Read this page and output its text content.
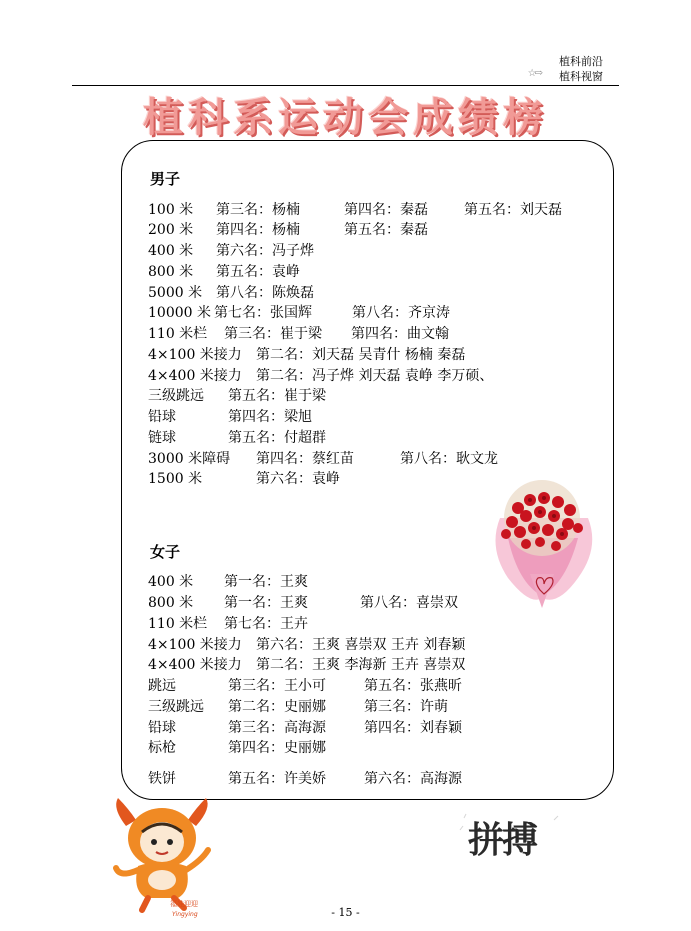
植科前沿
☆⇨ 植科视窗
植科系运动会成绩榜
男子
100 米 第三名：杨楠	第四名：秦磊	第五名：刘天磊
200 米 第四名：杨楠	第五名：秦磊
400 米 第六名：冯子烨
800 米 第五名：袁峥
5000 米 第八名：陈焕磊
10000 米 第七名：张国辉	第八名：齐京涛
110 米栏 第三名：崔于梁 第四名：曲文翰
4×100 米接力 第二名：刘天磊 吴青什 杨楠 秦磊
4×400 米接力 第二名：冯子烨 刘天磊 袁峥 李万硕、
三级跳远 第五名：崔于梁
铅球	第四名：梁旭
链球	第五名：付超群
3000 米障碍 第四名：蔡红苗	第八名：耿文龙
1500 米	第六名：袁峥
女子
400 米 第一名：王爽
800 米 第一名：王爽	第八名：喜崇双
110 米栏 第七名：王卉
4×100 米接力 第六名：王爽 喜崇双 王卉 刘春颖
4×400 米接力 第二名：王爽 李海新 王卉 喜崇双
跳远	第三名：王小可	第五名：张燕昕
三级跳远 第二名：史丽娜	第三名：许萌
铅球	第三名：高海源	第四名：刘春颖
标枪	第四名：史丽娜
铁饼	第五名：许美娇	第六名：高海源
福娃迎迎
Yingying
拼搏
- 15 -
